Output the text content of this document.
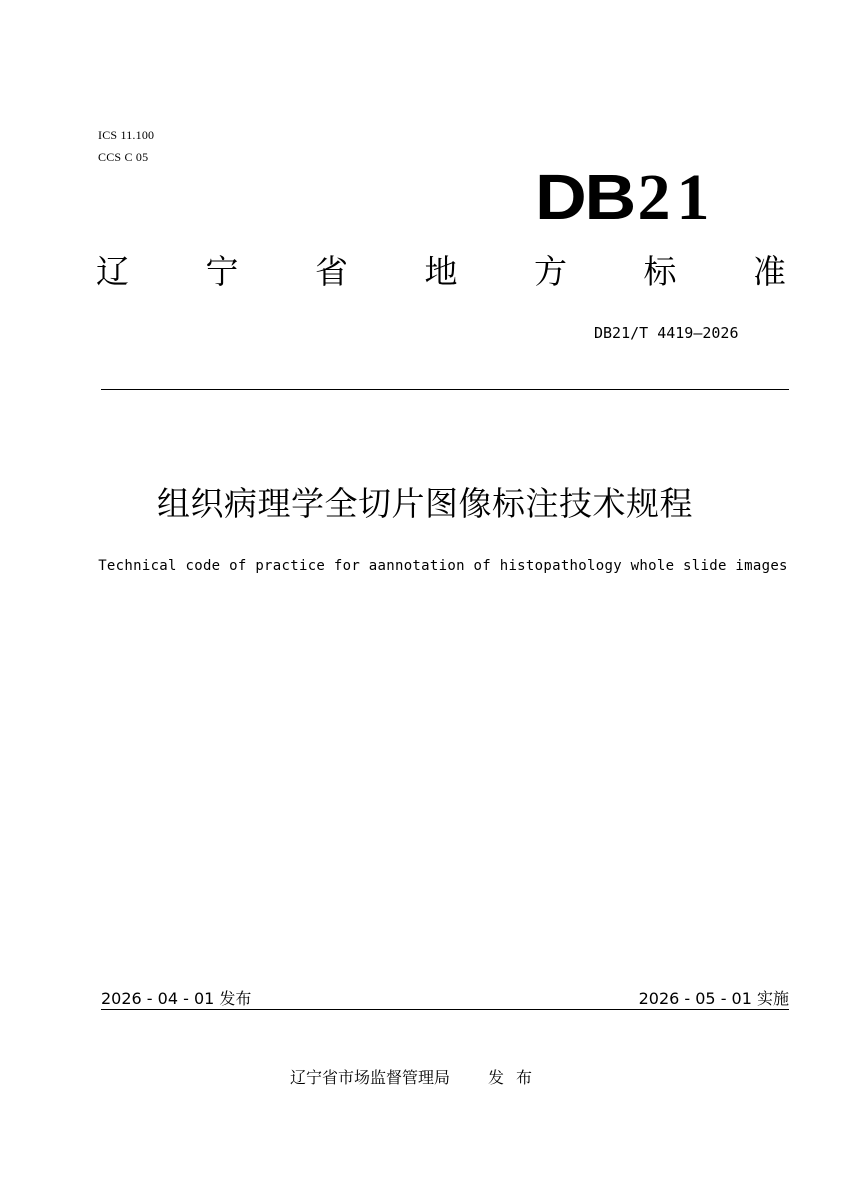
ICS 11.100
CCS C 05
DB21
辽 宁 省 地 方 标 准
DB21/T 4419—2026
组织病理学全切片图像标注技术规程
Technical code of practice for aannotation of histopathology whole slide images
2026 - 04 - 01 发布	2026 - 05 - 01 实施
辽宁省市场监督管理局 发布
